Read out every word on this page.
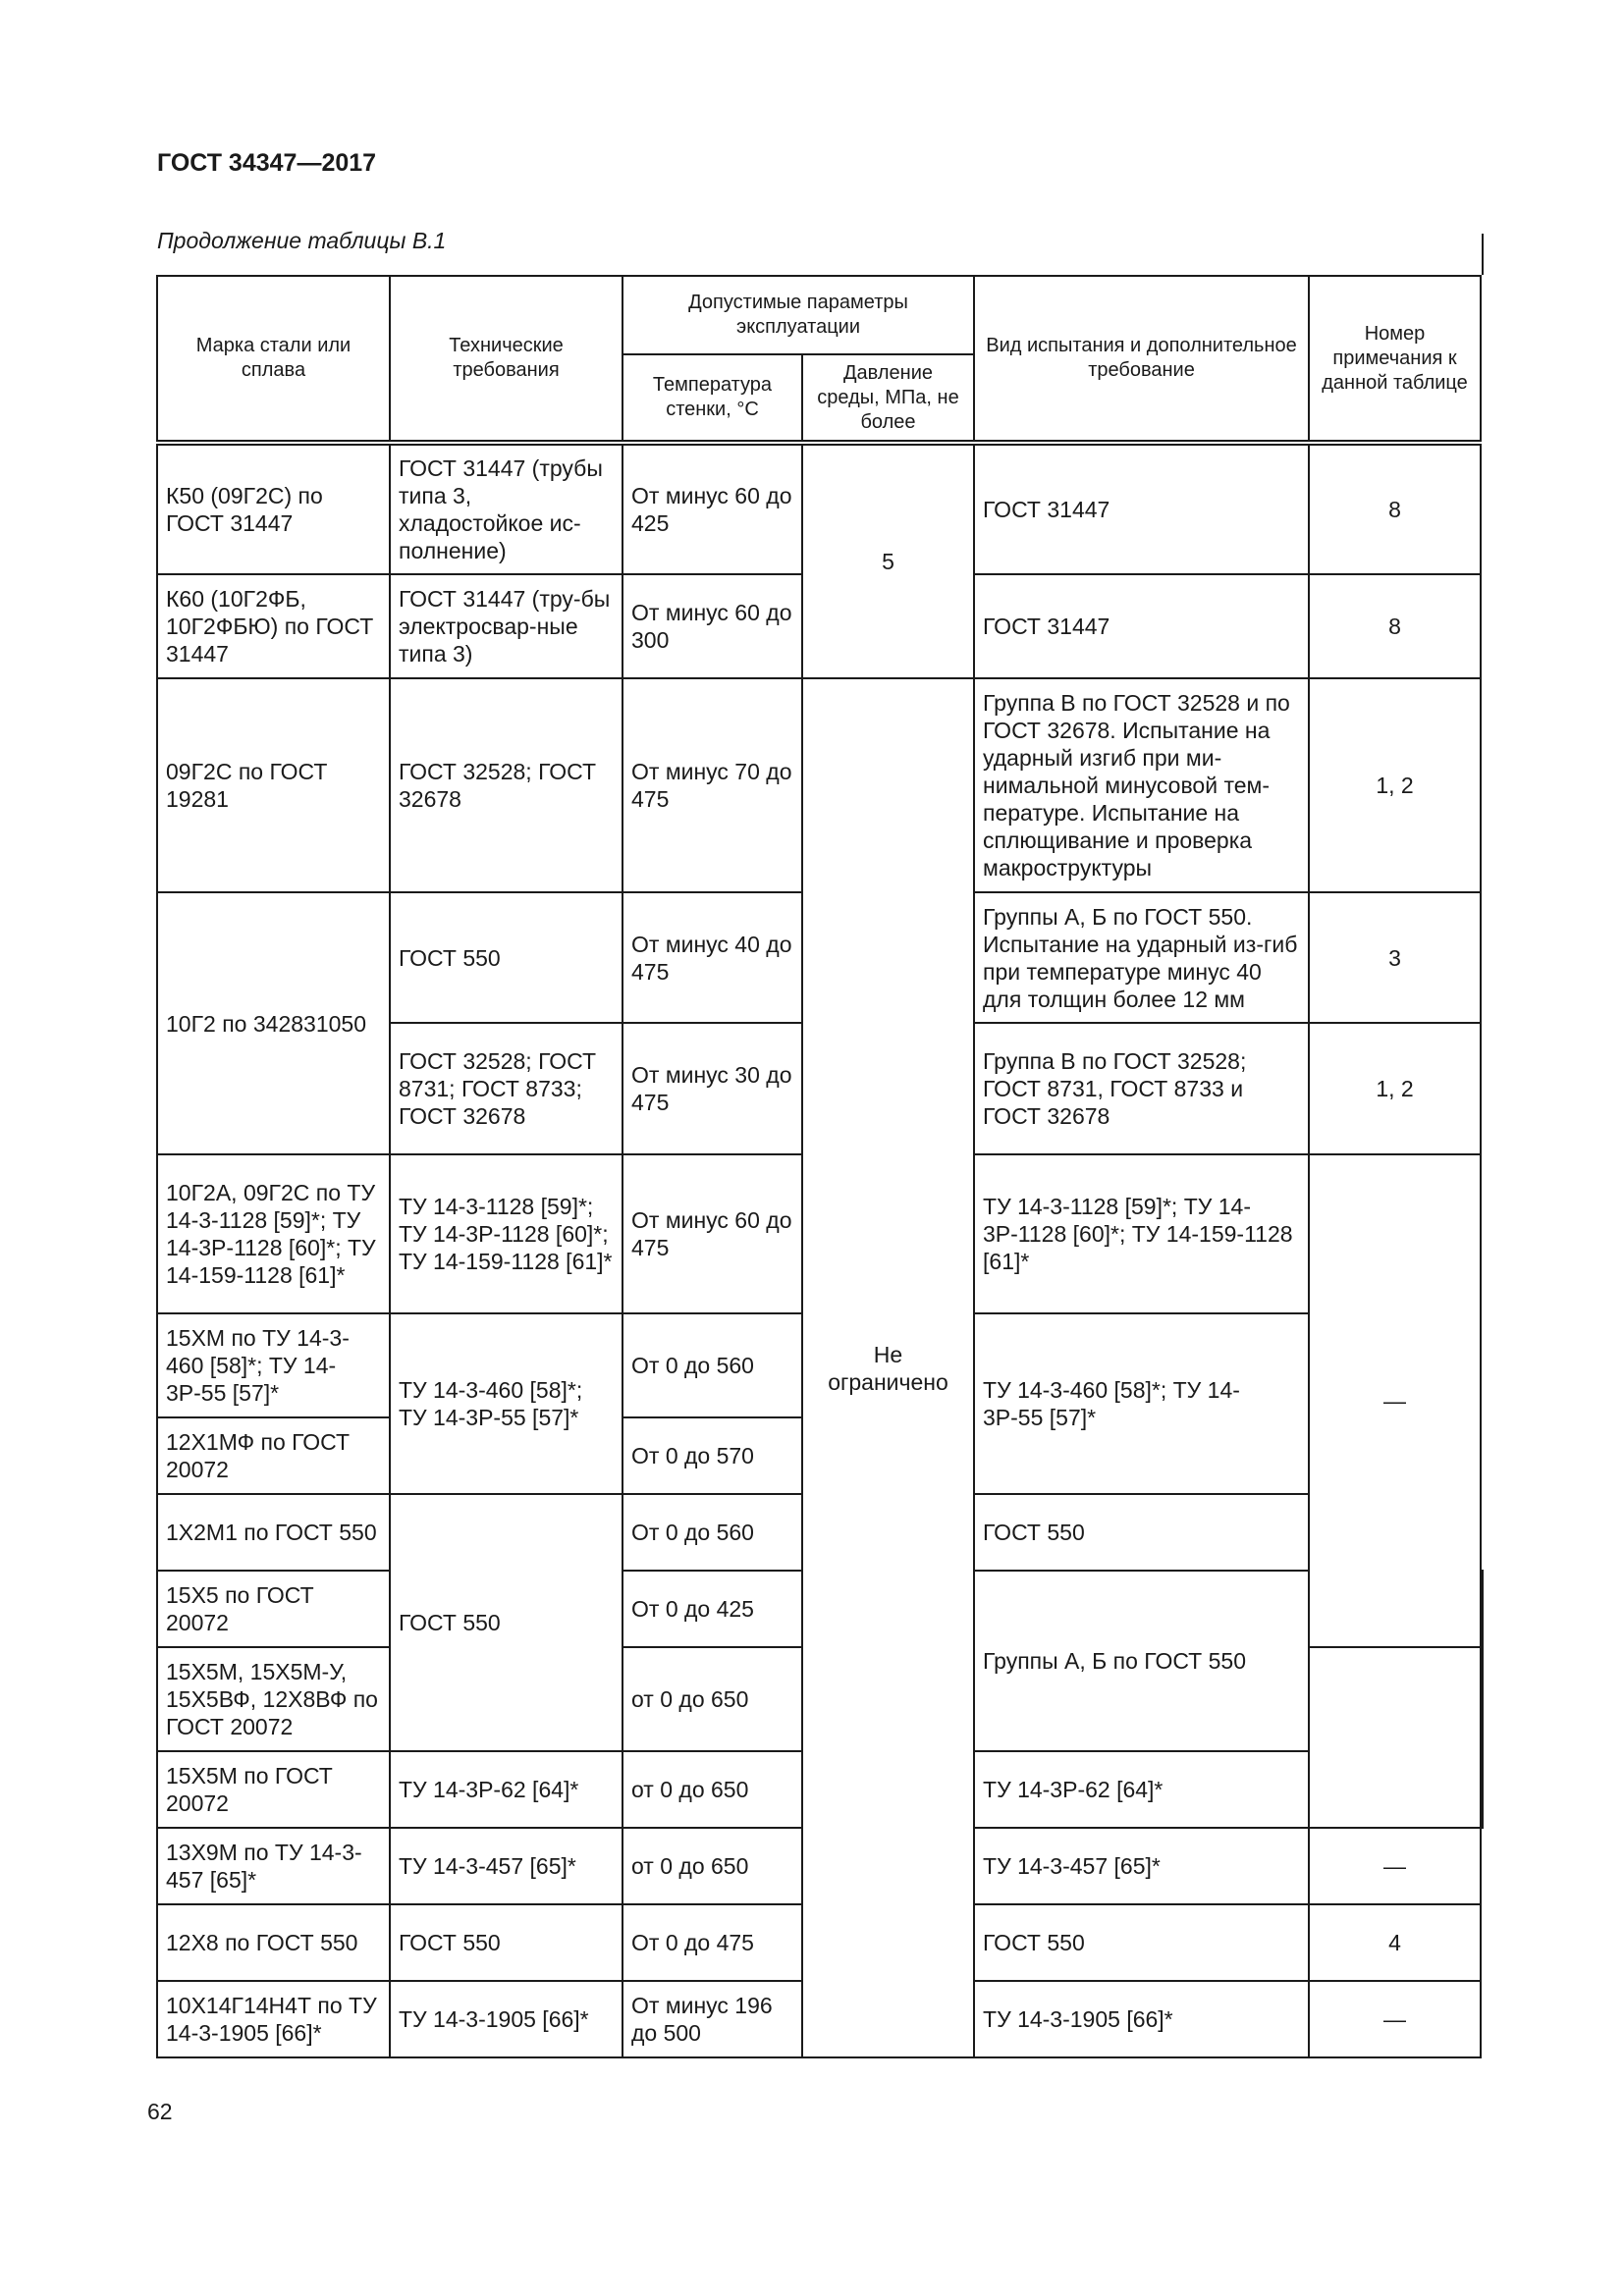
ГОСТ 34347—2017
Продолжение таблицы В.1
Марка стали или сплава	Технические требования	Допустимые параметры эксплуатации		Вид испытания и дополнительное требование	Номер примечания к данной таблице	
		Температура стенки, °С	Давление среды, МПа, не более			
К50 (09Г2С) по ГОСТ 31447	ГОСТ 31447 (трубы типа 3, хладостойкое ис-полнение)	От минус 60 до 425	5	ГОСТ 31447	8	
К60 (10Г2ФБ, 10Г2ФБЮ) по ГОСТ 31447	ГОСТ 31447 (тру-бы электросвар-ные типа 3)	От минус 60 до 300		ГОСТ 31447	8	
09Г2С по ГОСТ 19281	ГОСТ 32528; ГОСТ 32678	От минус 70 до 475	Не ограничено	Группа В по ГОСТ 32528 и по ГОСТ 32678. Испытание на ударный изгиб при ми-нимальной минусовой тем-пературе. Испытание на сплющивание и проверка макроструктуры	1, 2	
10Г2 по 342831050	ГОСТ 550	От минус 40 до 475		Группы А, Б по ГОСТ 550. Испытание на ударный из-гиб при температуре минус 40 для толщин более 12 мм	3	
	ГОСТ 32528; ГОСТ 8731; ГОСТ 8733; ГОСТ 32678	От минус 30 до 475		Группа В по ГОСТ 32528; ГОСТ 8731, ГОСТ 8733 и ГОСТ 32678	1, 2	
10Г2А, 09Г2С по ТУ 14-3-1128 [59]*; ТУ 14-3Р-1128 [60]*; ТУ 14-159-1128 [61]*	ТУ 14-3-1128 [59]*; ТУ 14-3Р-1128 [60]*; ТУ 14-159-1128 [61]*	От минус 60 до 475		ТУ 14-3-1128 [59]*; ТУ 14-3Р-1128 [60]*; ТУ 14-159-1128 [61]*	—	
15ХМ по ТУ 14-3-460 [58]*; ТУ 14-3Р-55 [57]*	ТУ 14-3-460 [58]*; ТУ 14-3Р-55 [57]*	От 0 до 560		ТУ 14-3-460 [58]*; ТУ 14-3Р-55 [57]*		
12Х1МФ по ГОСТ 20072		От 0 до 570				
1Х2М1 по ГОСТ 550	ГОСТ 550	От 0 до 560		ГОСТ 550		
15Х5 по ГОСТ 20072		От 0 до 425		Группы А, Б по ГОСТ 550	
15Х5М, 15Х5М-У, 15Х5ВФ, 12Х8ВФ по ГОСТ 20072		от 0 до 650				
15Х5М по ГОСТ 20072	ТУ 14-3Р-62 [64]*	от 0 до 650		ТУ 14-3Р-62 [64]*		
13Х9М по ТУ 14-3-457 [65]*	ТУ 14-3-457 [65]*	от 0 до 650		ТУ 14-3-457 [65]*	—	
12Х8 по ГОСТ 550	ГОСТ 550	От 0 до 475		ГОСТ 550	4	
10Х14Г14Н4Т по ТУ 14-3-1905 [66]*	ТУ 14-3-1905 [66]*	От минус 196 до 500		ТУ 14-3-1905 [66]*	—	
62
